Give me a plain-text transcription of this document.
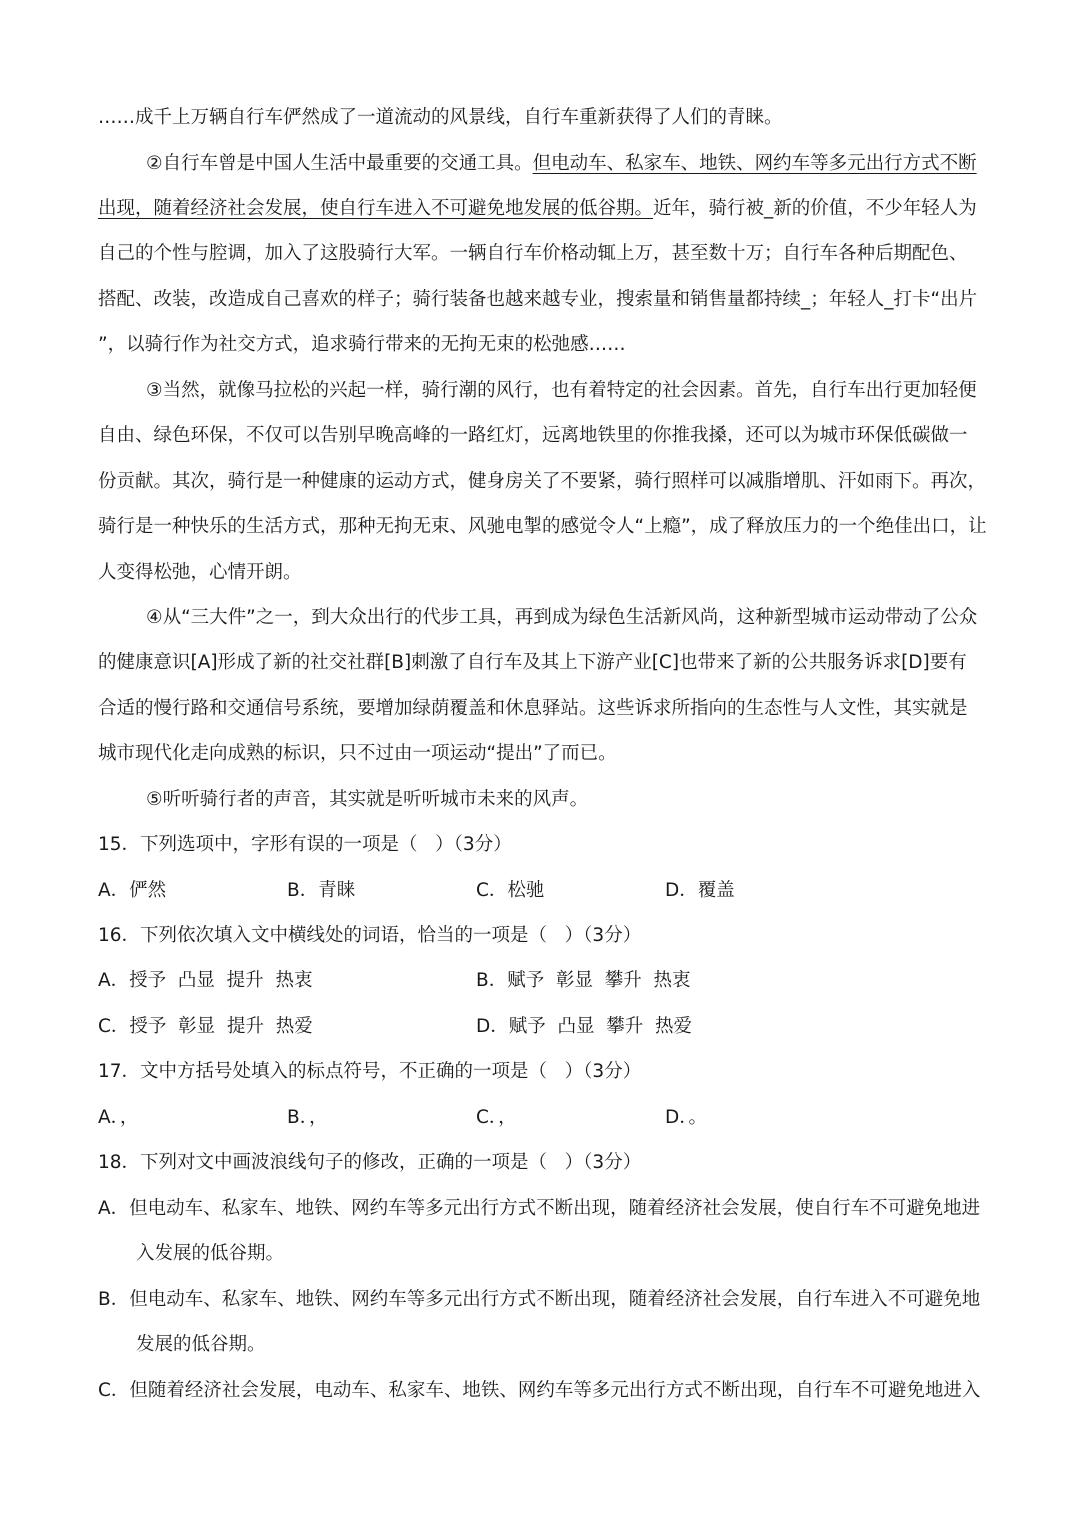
……成千上万辆自行车俨然成了一道流动的风景线，自行车重新获得了人们的青睐。
②自行车曾是中国人生活中最重要的交通工具。但电动车、私家车、地铁、网约车等多元出行方式不断
出现，随着经济社会发展，使自行车进入不可避免地发展的低谷期。近年，骑行被_新的价值，不少年轻人为
自己的个性与腔调，加入了这股骑行大军。一辆自行车价格动辄上万，甚至数十万；自行车各种后期配色、
搭配、改装，改造成自己喜欢的样子；骑行装备也越来越专业，搜索量和销售量都持续_；年轻人_打卡“出片
”，以骑行作为社交方式，追求骑行带来的无拘无束的松弛感……
③当然，就像马拉松的兴起一样，骑行潮的风行，也有着特定的社会因素。首先，自行车出行更加轻便
自由、绿色环保，不仅可以告别早晚高峰的一路红灯，远离地铁里的你推我搡，还可以为城市环保低碳做一
份贡献。其次，骑行是一种健康的运动方式，健身房关了不要紧，骑行照样可以减脂增肌、汗如雨下。再次，
骑行是一种快乐的生活方式，那种无拘无束、风驰电掣的感觉令人“上瘾”，成了释放压力的一个绝佳出口，让
人变得松弛，心情开朗。
④从“三大件”之一，到大众出行的代步工具，再到成为绿色生活新风尚，这种新型城市运动带动了公众
的健康意识[A]形成了新的社交社群[B]刺激了自行车及其上下游产业[C]也带来了新的公共服务诉求[D]要有
合适的慢行路和交通信号系统，要增加绿荫覆盖和休息驿站。这些诉求所指向的生态性与人文性，其实就是
城市现代化走向成熟的标识，只不过由一项运动“提出”了而已。
⑤听听骑行者的声音，其实就是听听城市未来的风声。
15．下列选项中，字形有误的一项是（   ）（3分）
A．俨然	B．青睐	C．松驰	D．覆盖
16．下列依次填入文中横线处的词语，恰当的一项是（   ）（3分）
A．授予  凸显  提升  热衷	B．赋予  彰显  攀升  热衷
C．授予  彰显  提升  热爱	D．赋予  凸显  攀升  热爱
17．文中方括号处填入的标点符号，不正确的一项是（   ）（3分）
A．，	B．，	C．，	D．。
18．下列对文中画波浪线句子的修改，正确的一项是（   ）（3分）
A．但电动车、私家车、地铁、网约车等多元出行方式不断出现，随着经济社会发展，使自行车不可避免地进
入发展的低谷期。
B．但电动车、私家车、地铁、网约车等多元出行方式不断出现，随着经济社会发展，自行车进入不可避免地
发展的低谷期。
C．但随着经济社会发展，电动车、私家车、地铁、网约车等多元出行方式不断出现，自行车不可避免地进入
